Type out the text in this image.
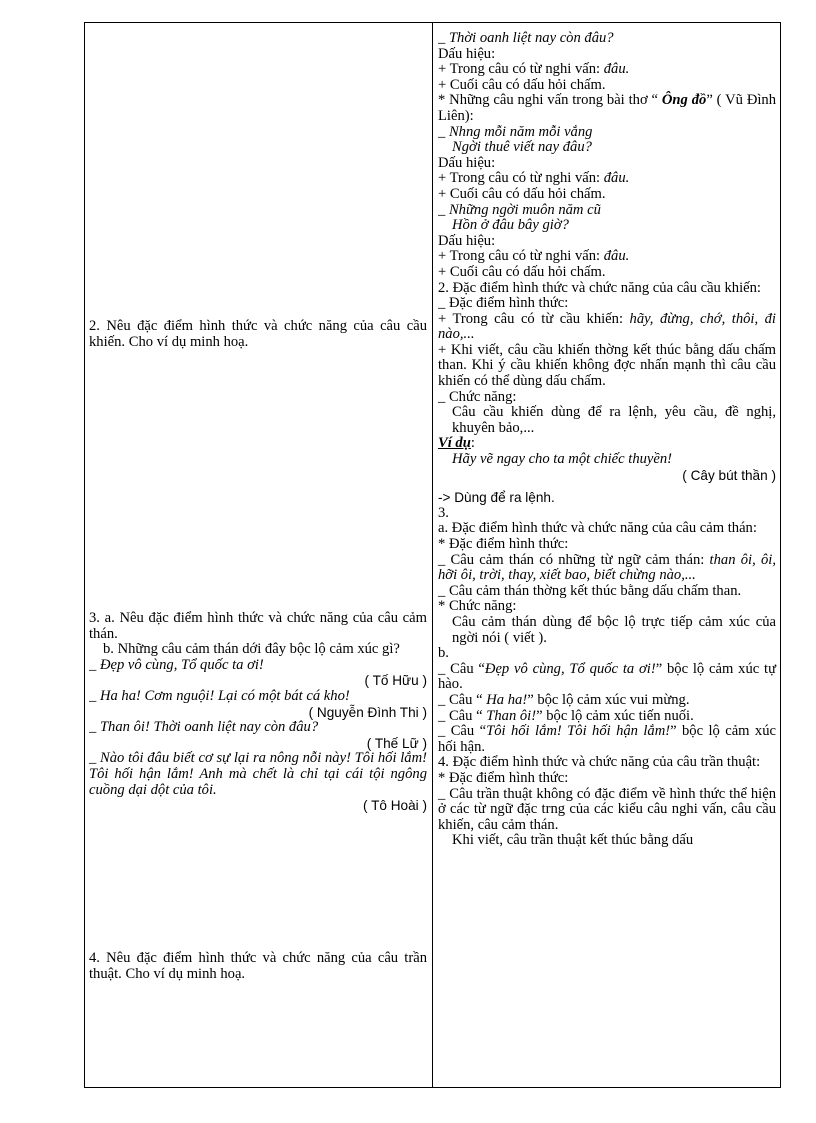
2. Nêu đặc điểm hình thức và chức năng của câu cầu khiến. Cho ví dụ minh hoạ.

3. a. Nêu đặc điểm hình thức và chức năng của câu cảm thán.

b. Những câu cảm thán dới đây bộc lộ cảm xúc gì?

_ Đẹp vô cùng, Tổ quốc ta ơi!

( Tố Hữu )

_ Ha ha! Cơm nguội! Lại có một bát cá kho!

( Nguyễn Đình Thi )

_ Than ôi! Thời oanh liệt nay còn đâu?

( Thế Lữ )

_ Nào tôi đâu biết cơ sự lại ra nông nỗi này! Tôi hối lắm! Tôi hối hận lắm! Anh mà chết là chỉ tại cái tội ngông cuồng dại dột của tôi.

( Tô Hoài )

4. Nêu đặc điểm hình thức và chức năng của câu trần thuật. Cho ví dụ minh hoạ.

_ Thời oanh liệt nay còn đâu?

Dấu hiệu:

+ Trong câu có từ nghi vấn: đâu.

+ Cuối câu có dấu hỏi chấm.

* Những câu nghi vấn trong bài thơ “ Ông đồ” ( Vũ Đình Liên):

_ Nhng mỗi năm mỗi vắng

Ngời thuê viết nay đâu?

Dấu hiệu:

+ Trong câu có từ nghi vấn: đâu.

+ Cuối câu có dấu hỏi chấm.

_ Những ngời muôn năm cũ

Hồn ở đâu bây giờ?

Dấu hiệu:

+ Trong câu có từ nghi vấn: đâu.

+ Cuối câu có dấu hỏi chấm.

2. Đặc điểm hình thức và chức năng của câu cầu khiến:

_ Đặc điểm hình thức:

+ Trong câu có từ cầu khiến: hãy, đừng, chớ, thôi, đi nào,...

+ Khi viết, câu cầu khiến thờng kết thúc bằng dấu chấm than. Khi ý cầu khiến không đợc nhấn mạnh thì câu cầu khiến có thể dùng dấu chấm.

_ Chức năng:

Câu cầu khiến dùng để ra lệnh, yêu cầu, đề nghị, khuyên bảo,...

Ví dụ:

Hãy vẽ ngay cho ta một chiếc thuyền!

( Cây bút thần )

-> Dùng để ra lệnh.

3.

a. Đặc điểm hình thức và chức năng của câu cảm thán:

* Đặc điểm hình thức:

_ Câu cảm thán có những từ ngữ cảm thán: than ôi, ôi, hỡi ôi, trời, thay, xiết bao, biết chừng nào,...

_ Câu cảm thán thờng kết thúc bằng dấu chấm than.

* Chức năng:

Câu cảm thán dùng để bộc lộ trực tiếp cảm xúc của ngời nói ( viết ).

b.

_ Câu “Đẹp vô cùng, Tổ quốc ta ơi!” bộc lộ cảm xúc tự hào.

_ Câu “ Ha ha!” bộc lộ cảm xúc vui mừng.

_ Câu “ Than ôi!” bộc lộ cảm xúc tiến nuối.

_ Câu “Tôi hối lắm! Tôi hối hận lắm!” bộc lộ cảm xúc hối hận.

4. Đặc điểm hình thức và chức năng của câu trần thuật:

* Đặc điểm hình thức:

_ Câu trần thuật không có đặc điểm về hình thức thể hiện ở các từ ngữ đặc trng của các kiểu câu nghi vấn, câu cầu khiến, câu cảm thán.

Khi viết, câu trần thuật kết thúc bằng dấu
